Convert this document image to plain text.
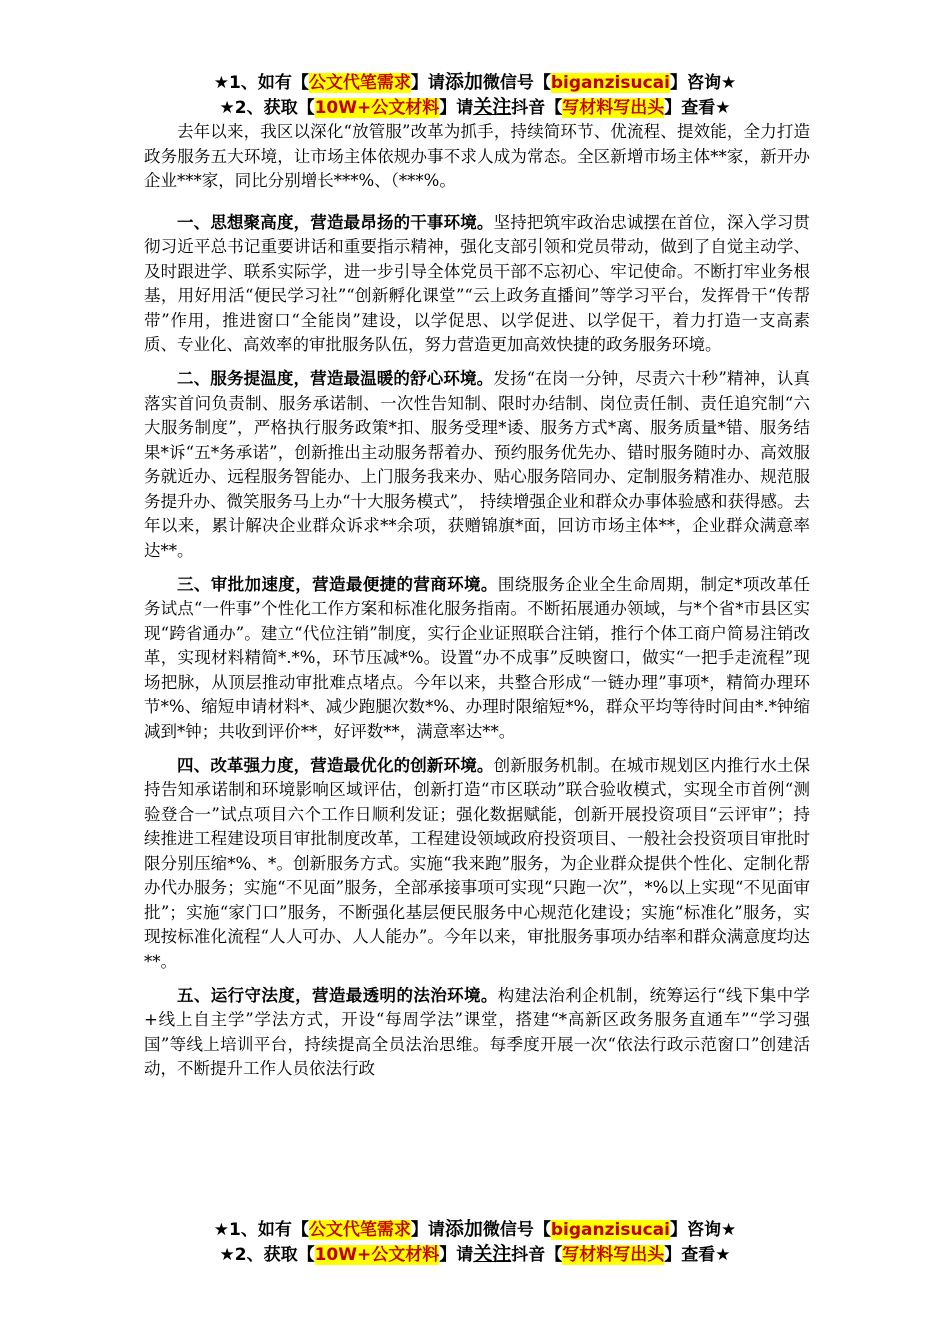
★1、如有【公文代笔需求】请添加微信号【biganzisucai】咨询★
★2、获取【10W+公文材料】请关注抖音【写材料写出头】查看★

去年以来，我区以深化“放管服”改革为抓手，持续简环节、优流程、提效能，全力打造政务服务五大环境，让市场主体依规办事不求人成为常态。全区新增市场主体**家，新开办企业***家，同比分别增长***%、（***%。

一、思想聚高度，营造最昂扬的干事环境。坚持把筑牢政治忠诚摆在首位，深入学习贯彻习近平总书记重要讲话和重要指示精神，强化支部引领和党员带动，做到了自觉主动学、及时跟进学、联系实际学，进一步引导全体党员干部不忘初心、牢记使命。不断打牢业务根基，用好用活“便民学习社”“创新孵化课堂”“云上政务直播间”等学习平台，发挥骨干“传帮带”作用，推进窗口“全能岗”建设，以学促思、以学促进、以学促干，着力打造一支高素质、专业化、高效率的审批服务队伍，努力营造更加高效快捷的政务服务环境。

二、服务提温度，营造最温暖的舒心环境。发扬“在岗一分钟，尽责六十秒”精神，认真落实首问负责制、服务承诺制、一次性告知制、限时办结制、岗位责任制、责任追究制“六大服务制度”，严格执行服务政策*扣、服务受理*诿、服务方式*离、服务质量*错、服务结果*诉“五*务承诺”，创新推出主动服务帮着办、预约服务优先办、错时服务随时办、高效服务就近办、远程服务智能办、上门服务我来办、贴心服务陪同办、定制服务精准办、规范服务提升办、微笑服务马上办“十大服务模式”， 持续增强企业和群众办事体验感和获得感。去年以来，累计解决企业群众诉求**余项，获赠锦旗*面，回访市场主体**，企业群众满意率达**。

三、审批加速度，营造最便捷的营商环境。围绕服务企业全生命周期，制定*项改革任务试点“一件事”个性化工作方案和标准化服务指南。不断拓展通办领域，与*个省*市县区实现“跨省通办”。建立“代位注销”制度，实行企业证照联合注销，推行个体工商户简易注销改革，实现材料精简*.*%，环节压减*%。设置“办不成事”反映窗口，做实“一把手走流程”现场把脉，从顶层推动审批难点堵点。今年以来，共整合形成“一链办理”事项*，精简办理环节*%、缩短申请材料*、减少跑腿次数*%、办理时限缩短*%，群众平均等待时间由*.*钟缩减到*钟；共收到评价**，好评数**，满意率达**。

四、改革强力度，营造最优化的创新环境。创新服务机制。在城市规划区内推行水土保持告知承诺制和环境影响区域评估，创新打造“市区联动”联合验收模式，实现全市首例“测验登合一”试点项目六个工作日顺利发证；强化数据赋能，创新开展投资项目“云评审”；持续推进工程建设项目审批制度改革，工程建设领域政府投资项目、一般社会投资项目审批时限分别压缩*%、*。创新服务方式。实施“我来跑”服务，为企业群众提供个性化、定制化帮办代办服务；实施“不见面”服务，全部承接事项可实现“只跑一次”，*%以上实现“不见面审批”；实施“家门口”服务，不断强化基层便民服务中心规范化建设；实施“标准化”服务，实现按标准化流程“人人可办、人人能办”。今年以来，审批服务事项办结率和群众满意度均达**。

五、运行守法度，营造最透明的法治环境。构建法治利企机制，统筹运行“线下集中学+线上自主学”学法方式，开设“每周学法”课堂，搭建“*高新区政务服务直通车”“学习强国”等线上培训平台，持续提高全员法治思维。每季度开展一次“依法行政示范窗口”创建活动，不断提升工作人员依法行政

★1、如有【公文代笔需求】请添加微信号【biganzisucai】咨询★
★2、获取【10W+公文材料】请关注抖音【写材料写出头】查看★
